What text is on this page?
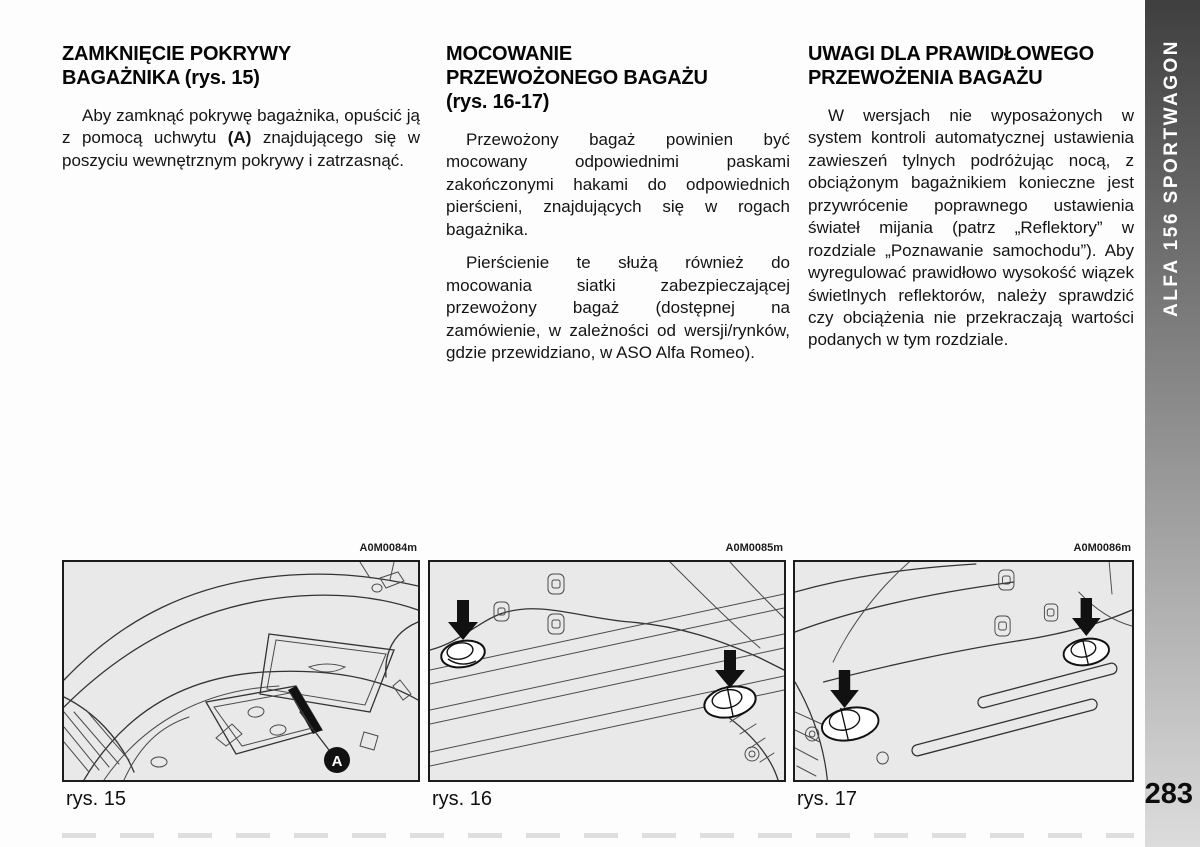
ZAMKNIĘCIE POKRYWY
BAGAŻNIKA (rys. 15)

Aby zamknąć pokrywę bagażnika, opuścić ją z pomocą uchwytu (A) znajdującego się w poszyciu wewnętrznym pokrywy i zatrzasnąć.

MOCOWANIE
PRZEWOŻONEGO BAGAŻU
(rys. 16-17)

Przewożony bagaż powinien być mocowany odpowiednimi paskami zakończonymi hakami do odpowiednich pierścieni, znajdujących się w rogach bagażnika.

Pierścienie te służą również do mocowania siatki zabezpieczającej przewożony bagaż (dostępnej na zamówienie, w zależności od wersji/rynków, gdzie przewidziano, w ASO Alfa Romeo).

UWAGI DLA PRAWIDŁOWEGO
PRZEWOŻENIA BAGAŻU

W wersjach nie wyposażonych w system kontroli automatycznej ustawienia zawieszeń tylnych podróżując nocą, z obciążonym bagażnikiem konieczne jest przywrócenie poprawnego ustawienia świateł mijania (patrz „Reflektory” w rozdziale „Poznawanie samochodu”). Aby wyregulować prawidłowo wysokość wiązek świetlnych reflektorów, należy sprawdzić czy obciążenia nie przekraczają wartości podanych w tym rozdziale.

A0M0084m
A
rys. 15
A0M0085m
rys. 16
A0M0086m
rys. 17
ALFA 156 SPORTWAGON
283
